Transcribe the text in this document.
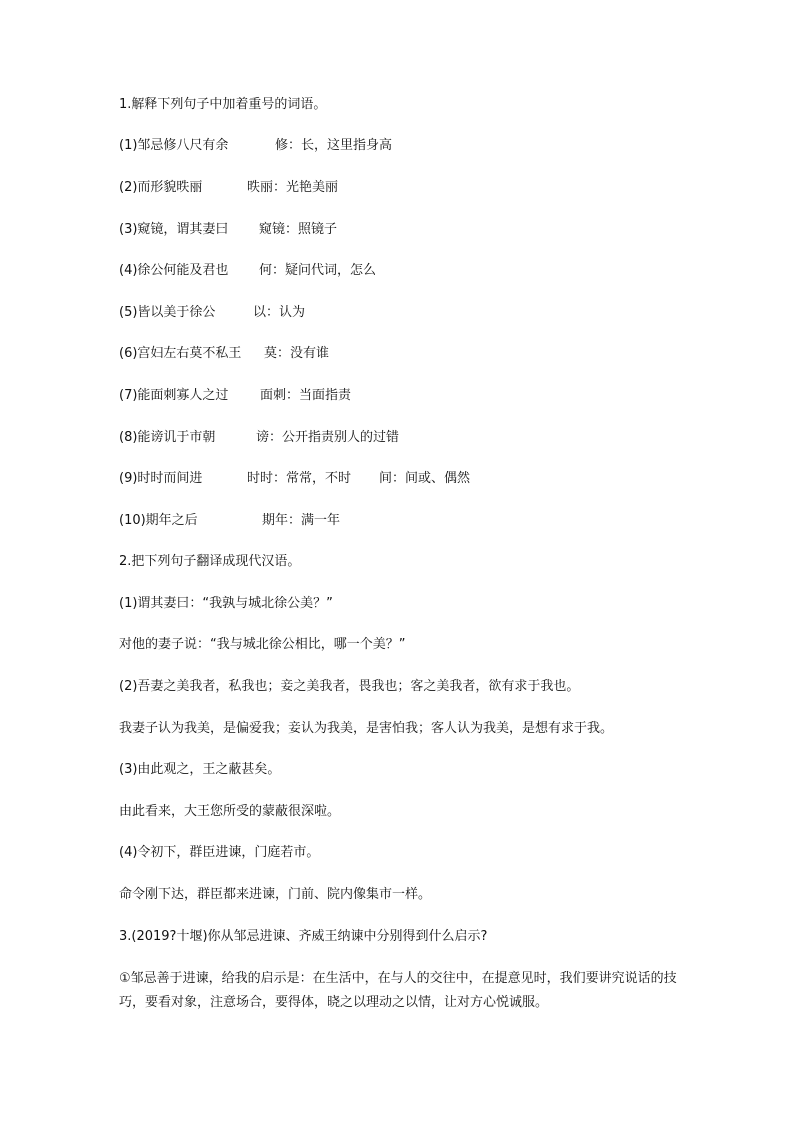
1.解释下列句子中加着重号的词语。
(1)邹忌修八尺有余	修：长，这里指身高
(2)而形貌昳丽	昳丽：光艳美丽
(3)窥镜，谓其妻曰 窥镜：照镜子
(4)徐公何能及君也 何：疑问代词，怎么
(5)皆以美于徐公	以：认为
(6)宫妇左右莫不私王 莫：没有谁
(7)能面刺寡人之过 面刺：当面指责
(8)能谤讥于市朝	谤：公开指责别人的过错
(9)时时而间进	时时：常常，不时 间：间或、偶然
(10)期年之后	期年：满一年
2.把下列句子翻译成现代汉语。
(1)谓其妻曰：“我孰与城北徐公美？”
对他的妻子说：“我与城北徐公相比，哪一个美？”
(2)吾妻之美我者，私我也；妾之美我者，畏我也；客之美我者，欲有求于我也。
我妻子认为我美，是偏爱我；妾认为我美，是害怕我；客人认为我美，是想有求于我。
(3)由此观之，王之蔽甚矣。
由此看来，大王您所受的蒙蔽很深啦。
(4)令初下，群臣进谏，门庭若市。
命令刚下达，群臣都来进谏，门前、院内像集市一样。
3.(2019?十堰)你从邹忌进谏、齐威王纳谏中分别得到什么启示?
①邹忌善于进谏，给我的启示是：在生活中，在与人的交往中，在提意见时，我们要讲究说话的技巧，要看对象，注意场合，要得体，晓之以理动之以情，让对方心悦诚服。
